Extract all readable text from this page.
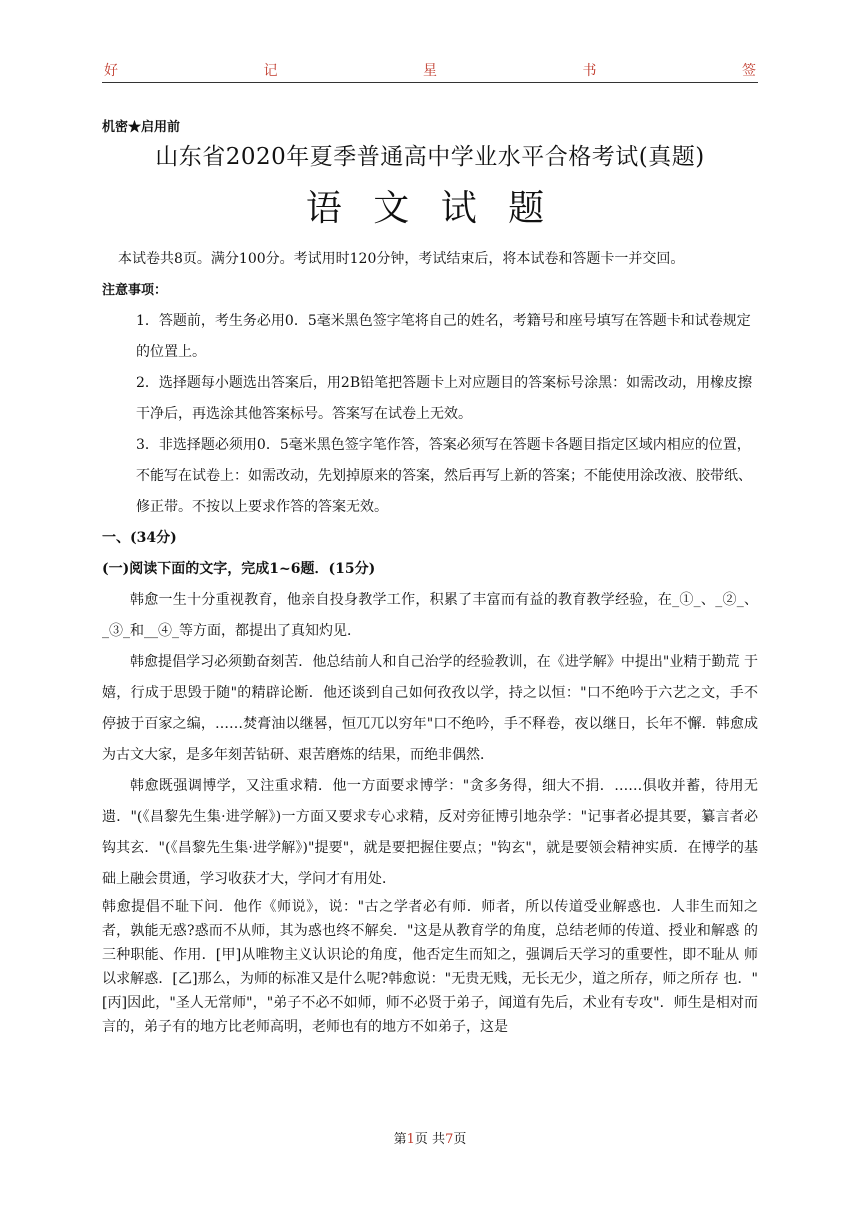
好	记	星	书	签
机密★启用前
山东省2020年夏季普通高中学业水平合格考试(真题)
语 文 试 题

本试卷共8页。满分100分。考试用时120分钟，考试结束后，将本试卷和答题卡一并交回。

注意事项：

1．答题前，考生务必用0．5毫米黑色签字笔将自己的姓名，考籍号和座号填写在答题卡和试卷规定的位置上。

2．选择题每小题选出答案后，用2B铅笔把答题卡上对应题目的答案标号涂黑：如需改动，用橡皮擦干净后，再选涂其他答案标号。答案写在试卷上无效。

3．非选择题必须用0．5毫米黑色签字笔作答，答案必须写在答题卡各题目指定区域内相应的位置，不能写在试卷上：如需改动，先划掉原来的答案，然后再写上新的答案；不能使用涂改液、胶带纸、修正带。不按以上要求作答的答案无效。

一、(34分)

(一)阅读下面的文字，完成1~6题．(15分)

韩愈一生十分重视教育，他亲自投身教学工作，积累了丰富而有益的教育教学经验，在_①_、_②_、_③_和__④_等方面，都提出了真知灼见．

韩愈提倡学习必须勤奋刻苦．他总结前人和自己治学的经验教训，在《进学解》中提出"业精于勤荒 于嬉，行成于思毁于随"的精辟论断．他还谈到自己如何孜孜以学，持之以恒："口不绝吟于六艺之文，手不停披于百家之编，……焚膏油以继晷，恒兀兀以穷年"口不绝吟，手不释卷，夜以继日，长年不懈．韩愈成为古文大家，是多年刻苦钻研、艰苦磨炼的结果，而绝非偶然．

韩愈既强调博学，又注重求精．他一方面要求博学："贪多务得，细大不捐．……俱收并蓄，待用无遗．"(《昌黎先生集·进学解》)一方面又要求专心求精，反对旁征博引地杂学："记事者必提其要，纂言者必钩其玄．"(《昌黎先生集·进学解》)"提要"，就是要把握住要点；"钩玄"，就是要领会精神实质．在博学的基础上融会贯通，学习收获才大，学问才有用处．

韩愈提倡不耻下问．他作《师说》，说："古之学者必有师．师者，所以传道受业解惑也．人非生而知之者，孰能无惑?惑而不从师，其为惑也终不解矣．"这是从教育学的角度，总结老师的传道、授业和解惑 的三种职能、作用．[甲]从唯物主义认识论的角度，他否定生而知之，强调后天学习的重要性，即不耻从 师以求解惑．[乙]那么，为师的标准又是什么呢?韩愈说："无贵无贱，无长无少，道之所存，师之所存 也．"[丙]因此，"圣人无常师"，"弟子不必不如师，师不必贤于弟子，闻道有先后，术业有专攻"．师生是相对而言的，弟子有的地方比老师高明，老师也有的地方不如弟子，这是

第1页 共7页
